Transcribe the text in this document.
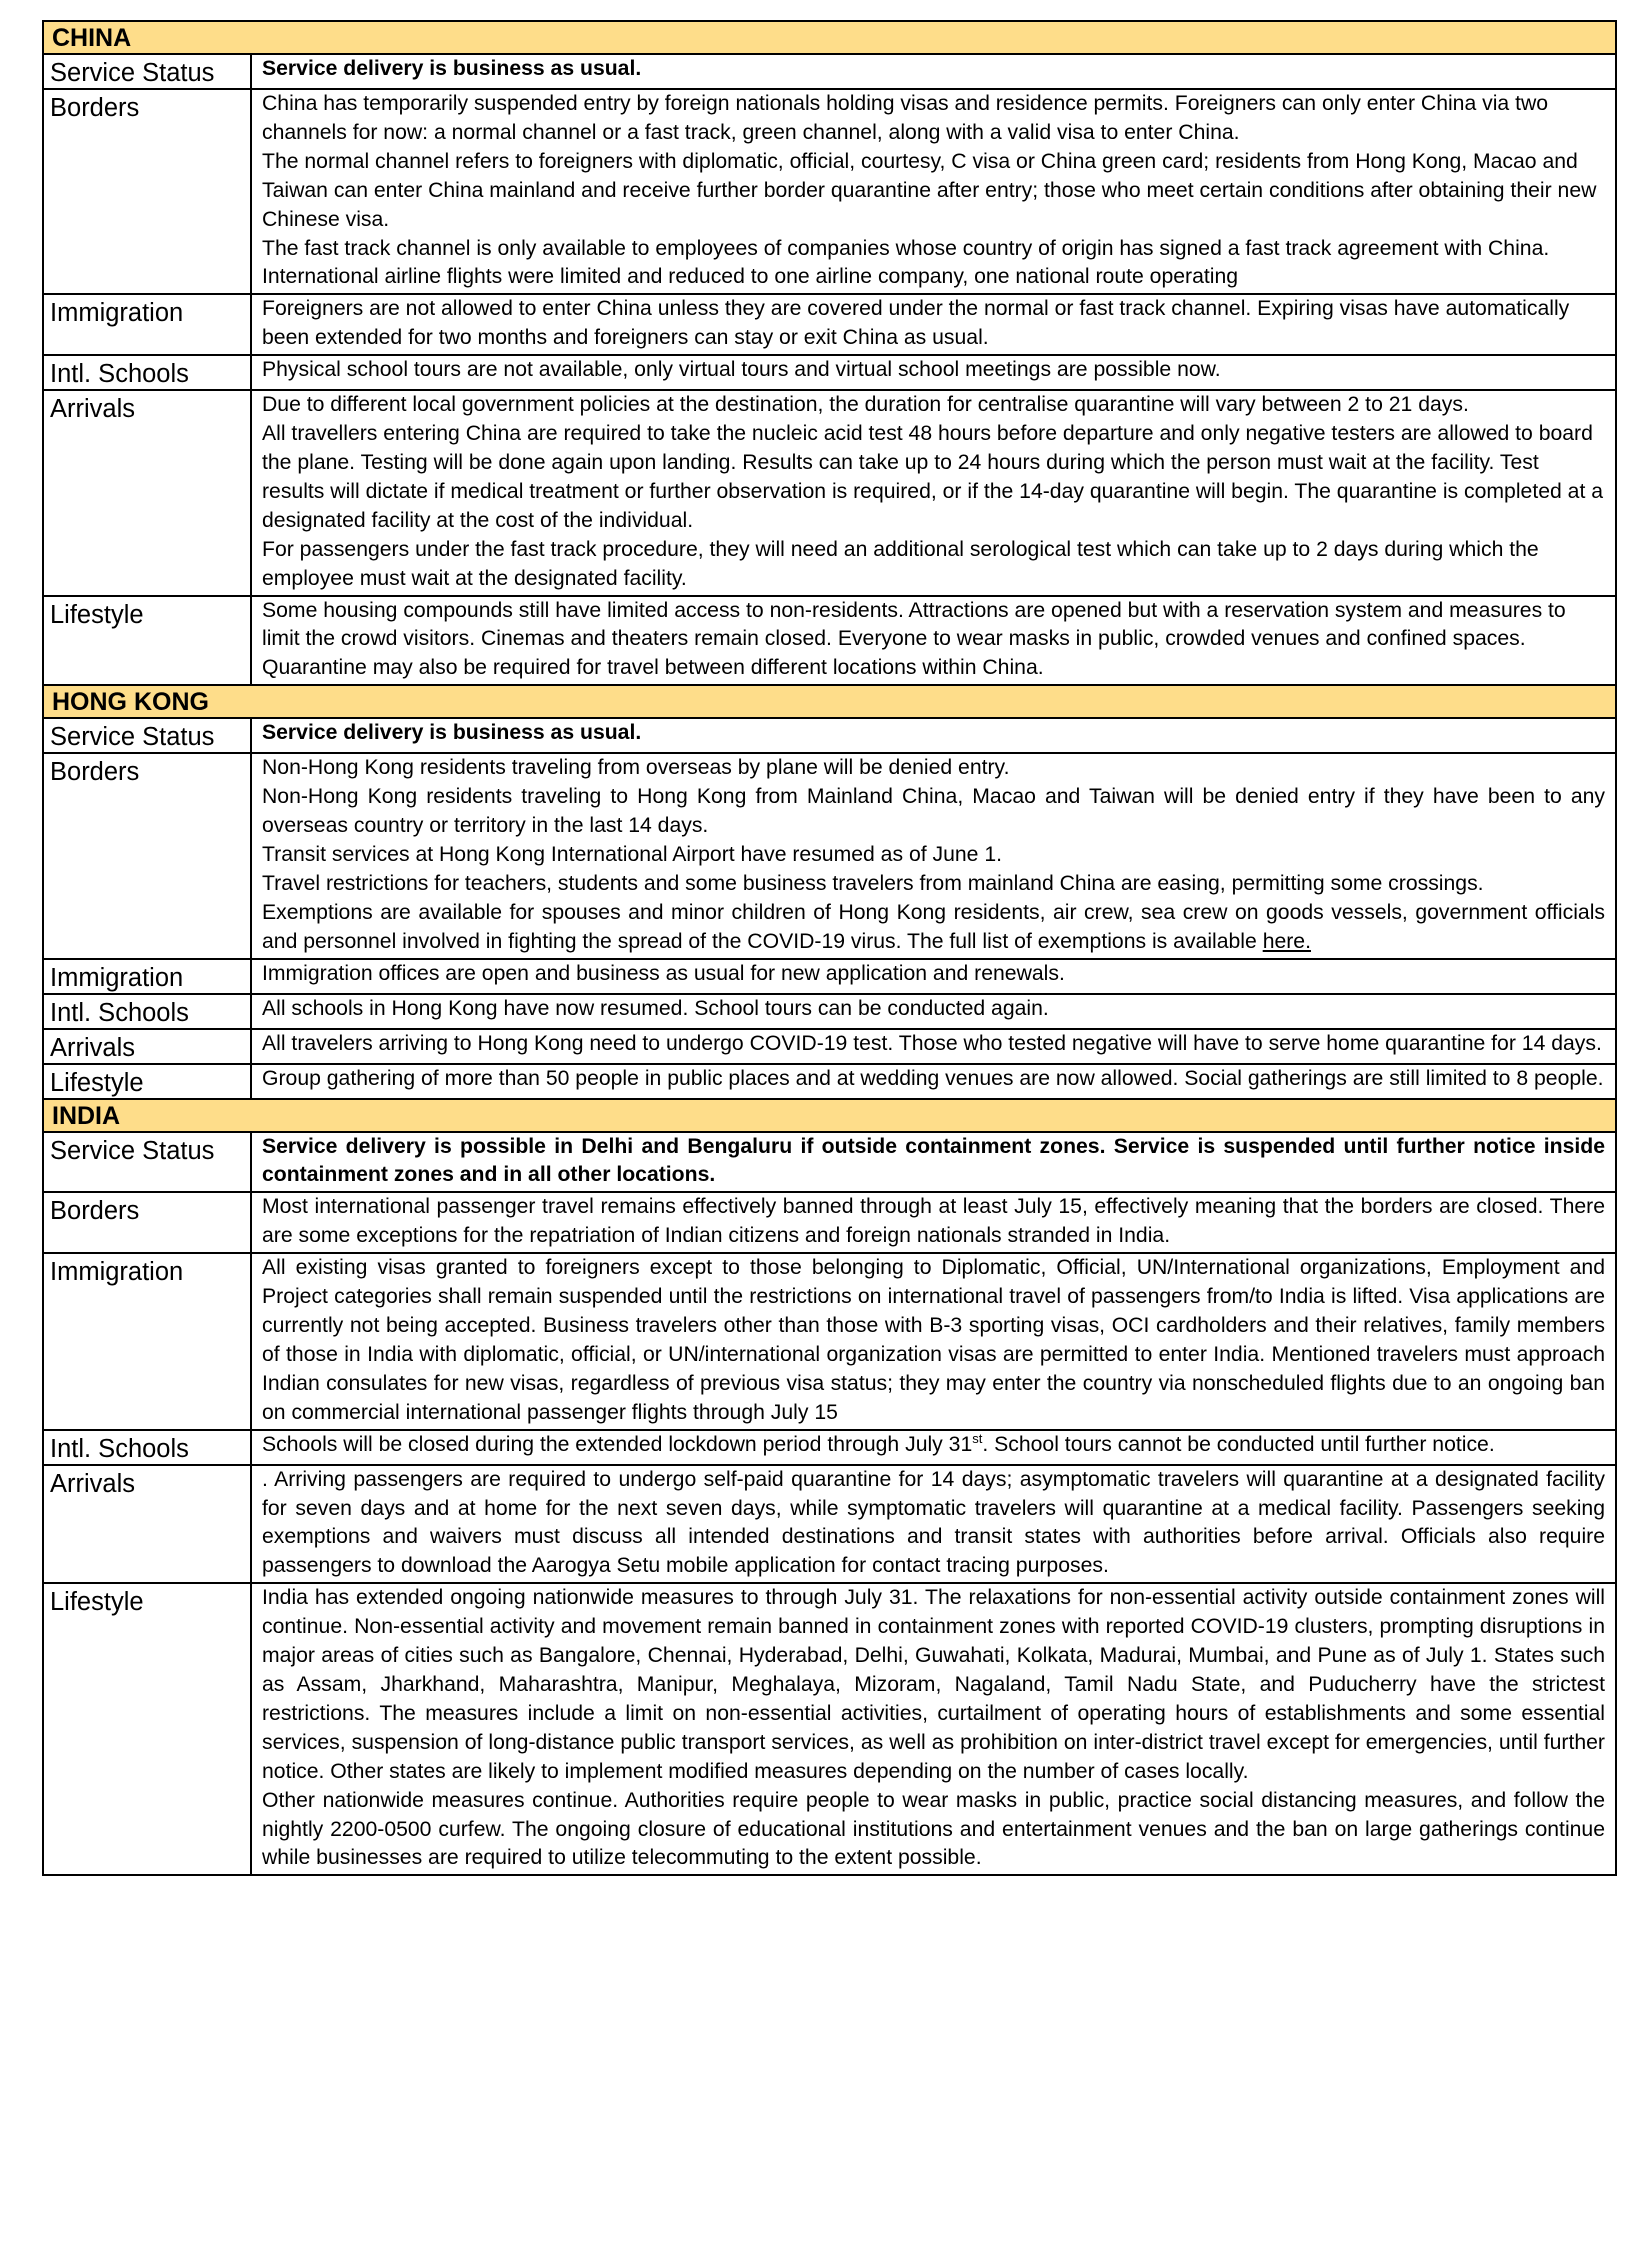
CHINA	
Service Status	Service delivery is business as usual.

Borders	China has temporarily suspended entry by foreign nationals holding visas and residence permits. Foreigners can only enter China via two channels for now: a normal channel or a fast track, green channel, along with a valid visa to enter China.
The normal channel refers to foreigners with diplomatic, official, courtesy, C visa or China green card; residents from Hong Kong, Macao and Taiwan can enter China mainland and receive further border quarantine after entry; those who meet certain conditions after obtaining their new Chinese visa.
The fast track channel is only available to employees of companies whose country of origin has signed a fast track agreement with China.
International airline flights were limited and reduced to one airline company, one national route operating

Immigration	Foreigners are not allowed to enter China unless they are covered under the normal or fast track channel. Expiring visas have automatically been extended for two months and foreigners can stay or exit China as usual.

Intl. Schools	Physical school tours are not available, only virtual tours and virtual school meetings are possible now.

Arrivals	Due to different local government policies at the destination, the duration for centralise quarantine will vary between 2 to 21 days.
All travellers entering China are required to take the nucleic acid test 48 hours before departure and only negative testers are allowed to board the plane. Testing will be done again upon landing. Results can take up to 24 hours during which the person must wait at the facility. Test results will dictate if medical treatment or further observation is required, or if the 14-day quarantine will begin. The quarantine is completed at a designated facility at the cost of the individual.
For passengers under the fast track procedure, they will need an additional serological test which can take up to 2 days during which the employee must wait at the designated facility.

Lifestyle	Some housing compounds still have limited access to non-residents. Attractions are opened but with a reservation system and measures to limit the crowd visitors. Cinemas and theaters remain closed. Everyone to wear masks in public, crowded venues and confined spaces. Quarantine may also be required for travel between different locations within China.

HONG KONG	
Service Status	Service delivery is business as usual.

Borders	Non-Hong Kong residents traveling from overseas by plane will be denied entry.
Non-Hong Kong residents traveling to Hong Kong from Mainland China, Macao and Taiwan will be denied entry if they have been to any overseas country or territory in the last 14 days.
Transit services at Hong Kong International Airport have resumed as of June 1.
Travel restrictions for teachers, students and some business travelers from mainland China are easing, permitting some crossings.
Exemptions are available for spouses and minor children of Hong Kong residents, air crew, sea crew on goods vessels, government officials and personnel involved in fighting the spread of the COVID-19 virus. The full list of exemptions is available here.

Immigration	Immigration offices are open and business as usual for new application and renewals.

Intl. Schools	All schools in Hong Kong have now resumed. School tours can be conducted again.

Arrivals	All travelers arriving to Hong Kong need to undergo COVID-19 test. Those who tested negative will have to serve home quarantine for 14 days.

Lifestyle	Group gathering of more than 50 people in public places and at wedding venues are now allowed. Social gatherings are still limited to 8 people.

INDIA	
Service Status	Service delivery is possible in Delhi and Bengaluru if outside containment zones. Service is suspended until further notice inside containment zones and in all other locations.

Borders	Most international passenger travel remains effectively banned through at least July 15, effectively meaning that the borders are closed. There are some exceptions for the repatriation of Indian citizens and foreign nationals stranded in India.

Immigration	All existing visas granted to foreigners except to those belonging to Diplomatic, Official, UN/International organizations, Employment and Project categories shall remain suspended until the restrictions on international travel of passengers from/to India is lifted. Visa applications are currently not being accepted. Business travelers other than those with B-3 sporting visas, OCI cardholders and their relatives, family members of those in India with diplomatic, official, or UN/international organization visas are permitted to enter India. Mentioned travelers must approach Indian consulates for new visas, regardless of previous visa status; they may enter the country via nonscheduled flights due to an ongoing ban on commercial international passenger flights through July 15

Intl. Schools	Schools will be closed during the extended lockdown period through July 31st. School tours cannot be conducted until further notice.

Arrivals	. Arriving passengers are required to undergo self-paid quarantine for 14 days; asymptomatic travelers will quarantine at a designated facility for seven days and at home for the next seven days, while symptomatic travelers will quarantine at a medical facility. Passengers seeking exemptions and waivers must discuss all intended destinations and transit states with authorities before arrival. Officials also require passengers to download the Aarogya Setu mobile application for contact tracing purposes.

Lifestyle	India has extended ongoing nationwide measures to through July 31. The relaxations for non-essential activity outside containment zones will continue. Non-essential activity and movement remain banned in containment zones with reported COVID-19 clusters, prompting disruptions in major areas of cities such as Bangalore, Chennai, Hyderabad, Delhi, Guwahati, Kolkata, Madurai, Mumbai, and Pune as of July 1. States such as Assam, Jharkhand, Maharashtra, Manipur, Meghalaya, Mizoram, Nagaland, Tamil Nadu State, and Puducherry have the strictest restrictions. The measures include a limit on non-essential activities, curtailment of operating hours of establishments and some essential services, suspension of long-distance public transport services, as well as prohibition on inter-district travel except for emergencies, until further notice. Other states are likely to implement modified measures depending on the number of cases locally.
Other nationwide measures continue. Authorities require people to wear masks in public, practice social distancing measures, and follow the nightly 2200-0500 curfew. The ongoing closure of educational institutions and entertainment venues and the ban on large gatherings continue while businesses are required to utilize telecommuting to the extent possible.
